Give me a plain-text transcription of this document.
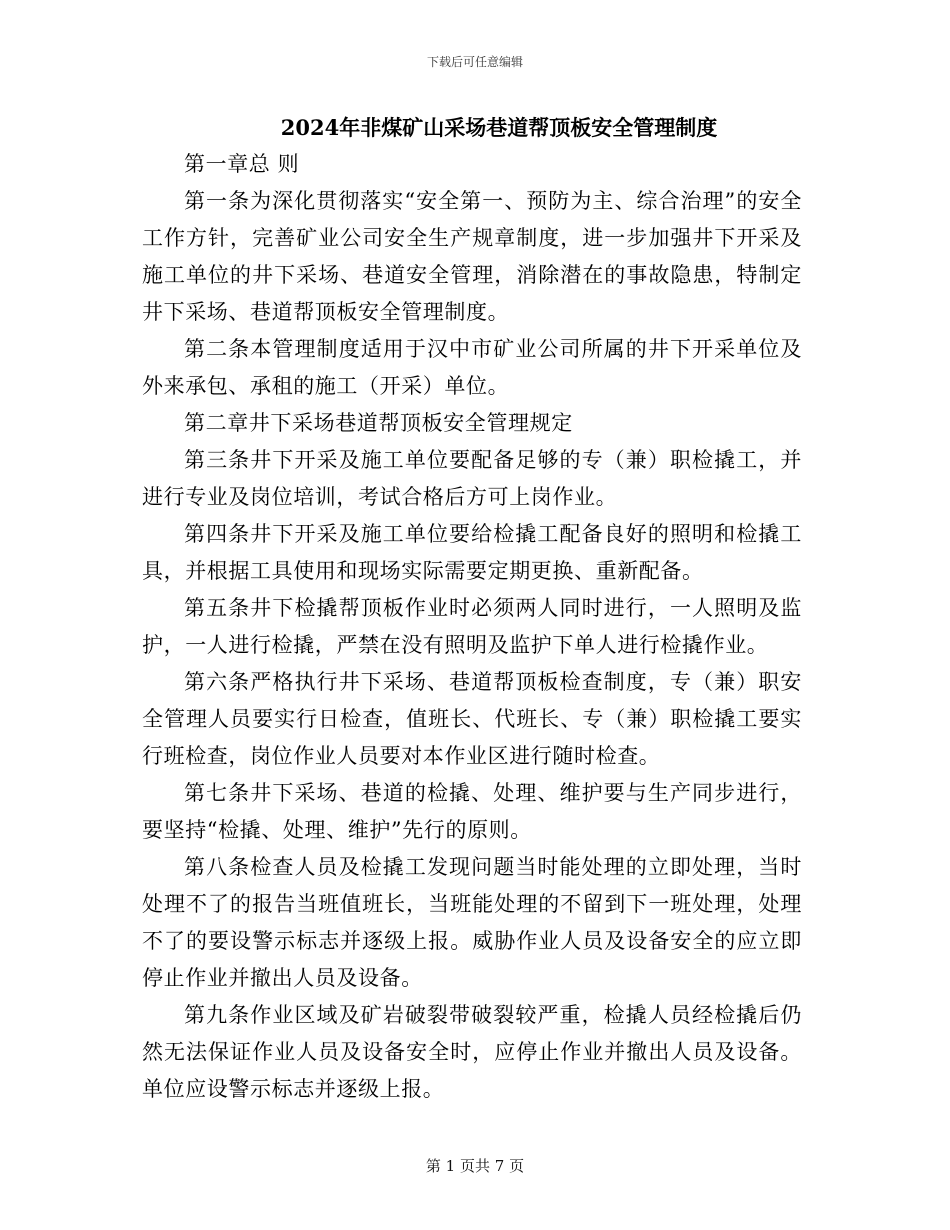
下载后可任意编辑
2024年非煤矿山采场巷道帮顶板安全管理制度

第一章总 则

第一条为深化贯彻落实“安全第一、预防为主、综合治理”的安全工作方针，完善矿业公司安全生产规章制度，进一步加强井下开采及施工单位的井下采场、巷道安全管理，消除潜在的事故隐患，特制定井下采场、巷道帮顶板安全管理制度。

第二条本管理制度适用于汉中市矿业公司所属的井下开采单位及外来承包、承租的施工（开采）单位。

第二章井下采场巷道帮顶板安全管理规定

第三条井下开采及施工单位要配备足够的专（兼）职检撬工，并进行专业及岗位培训，考试合格后方可上岗作业。

第四条井下开采及施工单位要给检撬工配备良好的照明和检撬工具，并根据工具使用和现场实际需要定期更换、重新配备。

第五条井下检撬帮顶板作业时必须两人同时进行，一人照明及监护，一人进行检撬，严禁在没有照明及监护下单人进行检撬作业。

第六条严格执行井下采场、巷道帮顶板检查制度，专（兼）职安全管理人员要实行日检查，值班长、代班长、专（兼）职检撬工要实行班检查，岗位作业人员要对本作业区进行随时检查。

第七条井下采场、巷道的检撬、处理、维护要与生产同步进行，要坚持“检撬、处理、维护”先行的原则。

第八条检查人员及检撬工发现问题当时能处理的立即处理，当时处理不了的报告当班值班长，当班能处理的不留到下一班处理，处理不了的要设警示标志并逐级上报。威胁作业人员及设备安全的应立即停止作业并撤出人员及设备。

第九条作业区域及矿岩破裂带破裂较严重，检撬人员经检撬后仍然无法保证作业人员及设备安全时，应停止作业并撤出人员及设备。单位应设警示标志并逐级上报。

第 1 页共 7 页
